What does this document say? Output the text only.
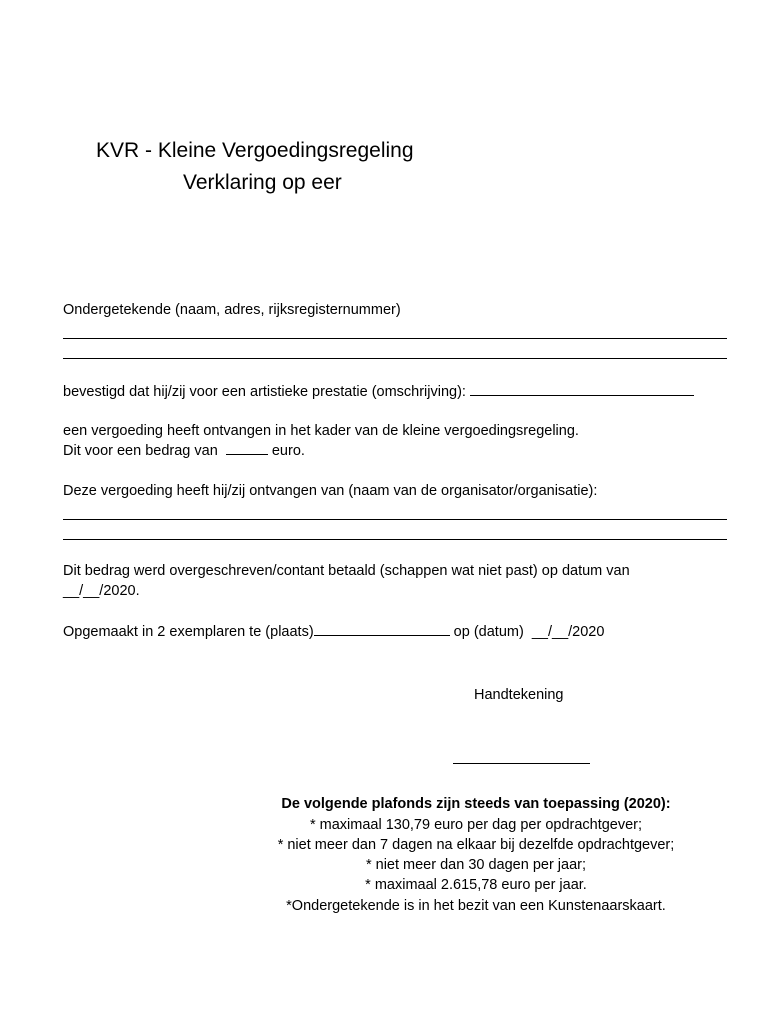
KVR - Kleine Vergoedingsregeling
Verklaring op eer
Ondergetekende (naam, adres, rijksregisternummer)
bevestigd dat hij/zij voor een artistieke prestatie (omschrijving):
een vergoeding heeft ontvangen in het kader van de kleine vergoedingsregeling.
Dit voor een bedrag van	euro.
Deze vergoeding heeft hij/zij ontvangen van (naam van de organisator/organisatie):
Dit bedrag werd overgeschreven/contant betaald (schappen wat niet past) op datum van
__/__/2020.
Opgemaakt in 2 exemplaren te (plaats)	op (datum)  __/__/2020
Handtekening
De volgende plafonds zijn steeds van toepassing (2020):
* maximaal 130,79 euro per dag per opdrachtgever;
* niet meer dan 7 dagen na elkaar bij dezelfde opdrachtgever;
* niet meer dan 30 dagen per jaar;
* maximaal 2.615,78 euro per jaar.
*Ondergetekende is in het bezit van een Kunstenaarskaart.
